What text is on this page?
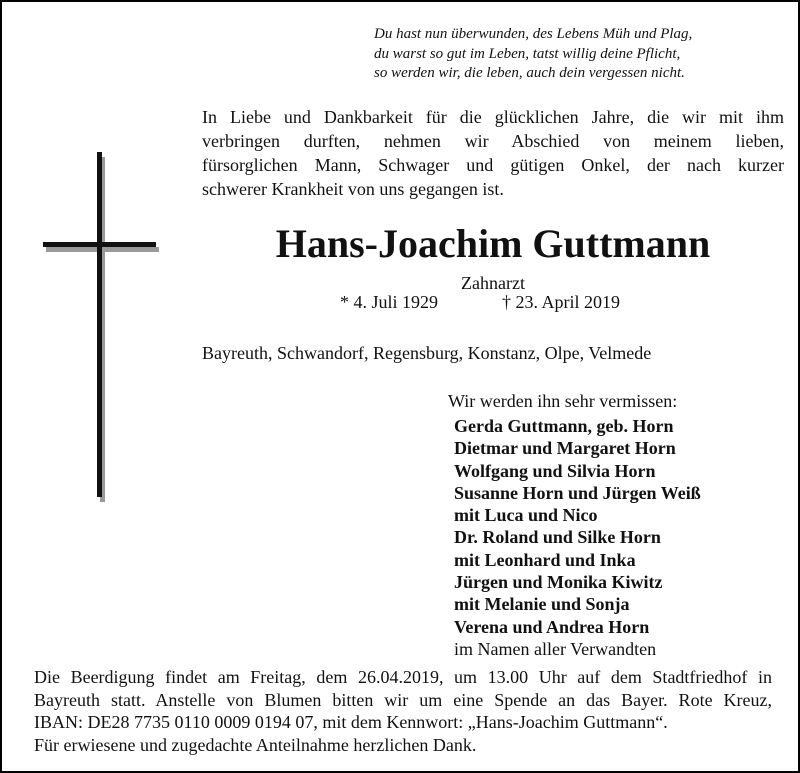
Du hast nun überwunden, des Lebens Müh und Plag,
du warst so gut im Leben, tatst willig deine Pflicht,
so werden wir, die leben, auch dein vergessen nicht.
In Liebe und Dankbarkeit für die glücklichen Jahre, die wir mit ihm
verbringen durften, nehmen wir Abschied von meinem lieben,
fürsorglichen Mann, Schwager und gütigen Onkel, der nach kurzer
schwerer Krankheit von uns gegangen ist.
Hans-Joachim Guttmann
Zahnarzt
* 4. Juli 1929	† 23. April 2019
Bayreuth, Schwandorf, Regensburg, Konstanz, Olpe, Velmede
Wir werden ihn sehr vermissen:
Gerda Guttmann, geb. Horn
Dietmar und Margaret Horn
Wolfgang und Silvia Horn
Susanne Horn und Jürgen Weiß
mit Luca und Nico
Dr. Roland und Silke Horn
mit Leonhard und Inka
Jürgen und Monika Kiwitz
mit Melanie und Sonja
Verena und Andrea Horn
im Namen aller Verwandten
Die Beerdigung findet am Freitag, dem 26.04.2019, um 13.00 Uhr auf dem Stadtfriedhof in
Bayreuth statt. Anstelle von Blumen bitten wir um eine Spende an das Bayer. Rote Kreuz,
IBAN: DE28 7735 0110 0009 0194 07, mit dem Kennwort: „Hans-Joachim Guttmann“.
Für erwiesene und zugedachte Anteilnahme herzlichen Dank.
